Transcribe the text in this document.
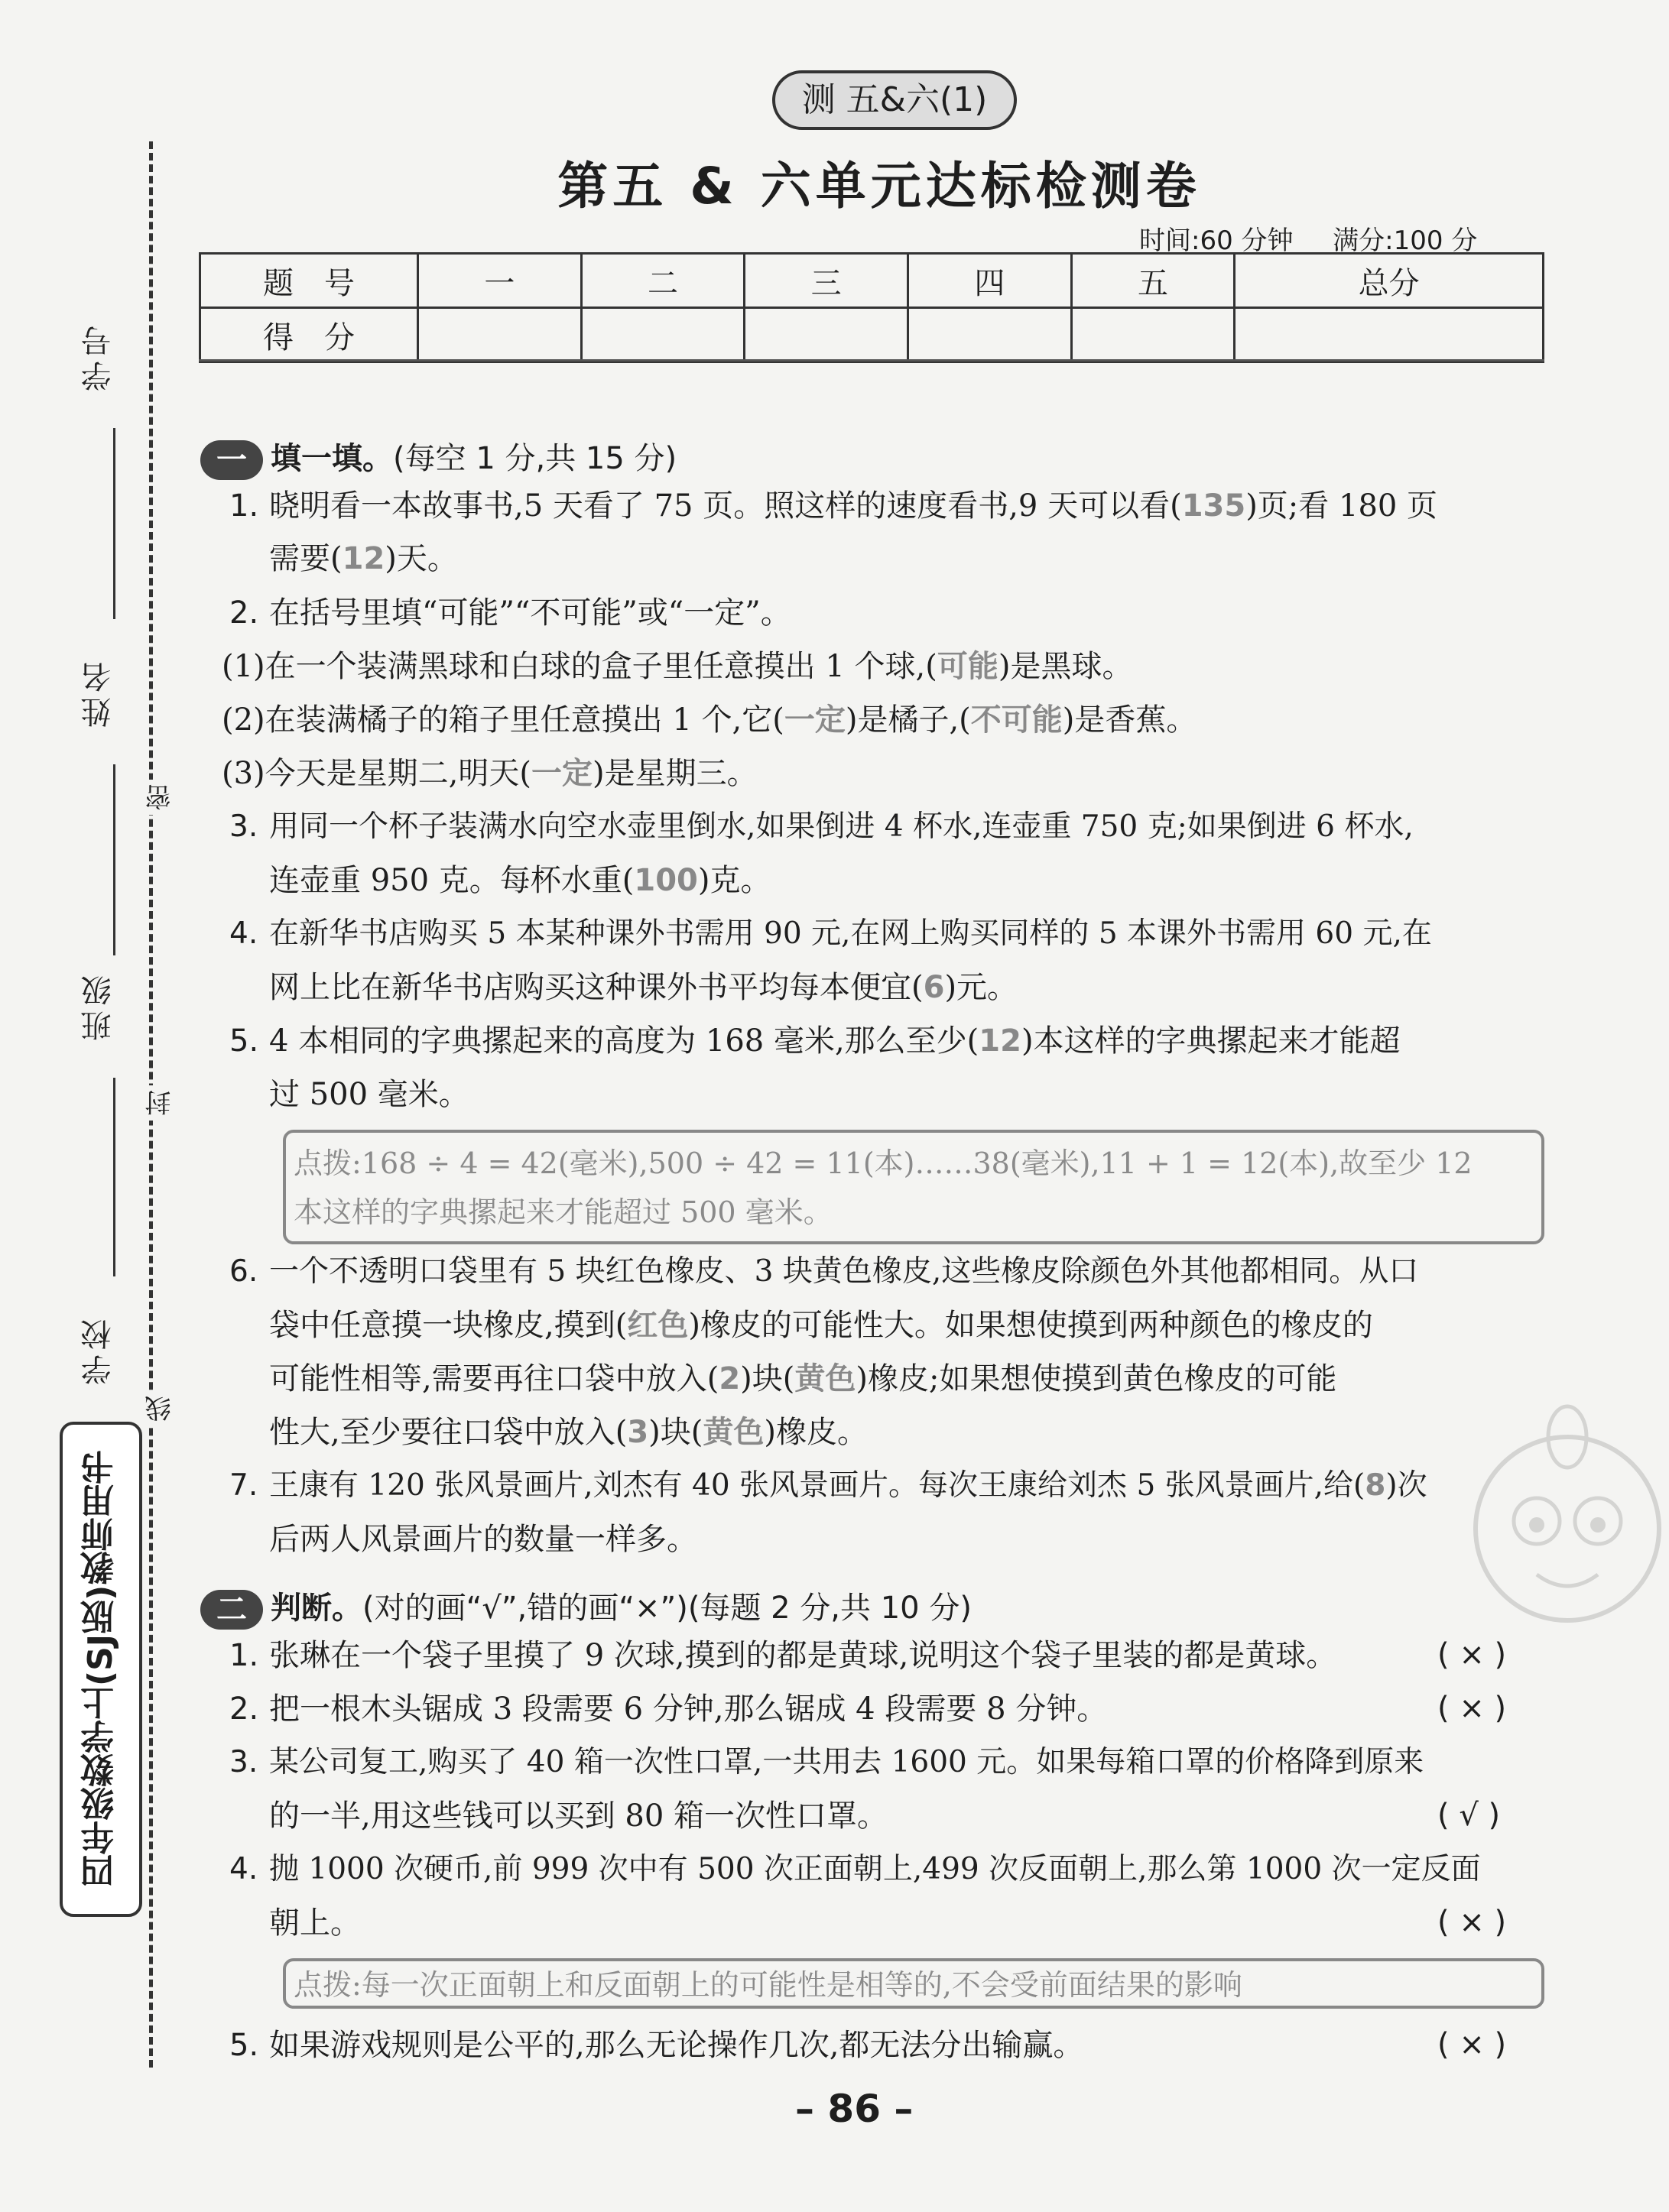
学号
姓名
班级
学校
密
封
线
四年级数学上(SJ版)教师用书
测 五&六(1)
第五 & 六单元达标检测卷
时间:60 分钟 满分:100 分
题　号	一	二	三	四	五	总分
得　分						
一 填一填。(每空 1 分,共 15 分)
1. 晓明看一本故事书,5 天看了 75 页。照这样的速度看书,9 天可以看(135)页;看 180 页
需要(12)天。
2. 在括号里填“可能”“不可能”或“一定”。
(1)在一个装满黑球和白球的盒子里任意摸出 1 个球,(可能)是黑球。
(2)在装满橘子的箱子里任意摸出 1 个,它(一定)是橘子,(不可能)是香蕉。
(3)今天是星期二,明天(一定)是星期三。
3. 用同一个杯子装满水向空水壶里倒水,如果倒进 4 杯水,连壶重 750 克;如果倒进 6 杯水,
连壶重 950 克。每杯水重(100)克。
4. 在新华书店购买 5 本某种课外书需用 90 元,在网上购买同样的 5 本课外书需用 60 元,在
网上比在新华书店购买这种课外书平均每本便宜(6)元。
5. 4 本相同的字典摞起来的高度为 168 毫米,那么至少(12)本这样的字典摞起来才能超
过 500 毫米。
点拨:168 ÷ 4 = 42(毫米),500 ÷ 42 = 11(本)……38(毫米),11 + 1 = 12(本),故至少 12
本这样的字典摞起来才能超过 500 毫米。
6. 一个不透明口袋里有 5 块红色橡皮、3 块黄色橡皮,这些橡皮除颜色外其他都相同。从口
袋中任意摸一块橡皮,摸到(红色)橡皮的可能性大。如果想使摸到两种颜色的橡皮的
可能性相等,需要再往口袋中放入(2)块(黄色)橡皮;如果想使摸到黄色橡皮的可能
性大,至少要往口袋中放入(3)块(黄色)橡皮。
7. 王康有 120 张风景画片,刘杰有 40 张风景画片。每次王康给刘杰 5 张风景画片,给(8)次
后两人风景画片的数量一样多。
二 判断。(对的画“√”,错的画“×”)(每题 2 分,共 10 分)
1. 张琳在一个袋子里摸了 9 次球,摸到的都是黄球,说明这个袋子里装的都是黄球。	( × )
2. 把一根木头锯成 3 段需要 6 分钟,那么锯成 4 段需要 8 分钟。	( × )
3. 某公司复工,购买了 40 箱一次性口罩,一共用去 1600 元。如果每箱口罩的价格降到原来
的一半,用这些钱可以买到 80 箱一次性口罩。	( √ )
4. 抛 1000 次硬币,前 999 次中有 500 次正面朝上,499 次反面朝上,那么第 1000 次一定反面
朝上。	( × )
点拨:每一次正面朝上和反面朝上的可能性是相等的,不会受前面结果的影响
5. 如果游戏规则是公平的,那么无论操作几次,都无法分出输赢。	( × )
– 86 –
